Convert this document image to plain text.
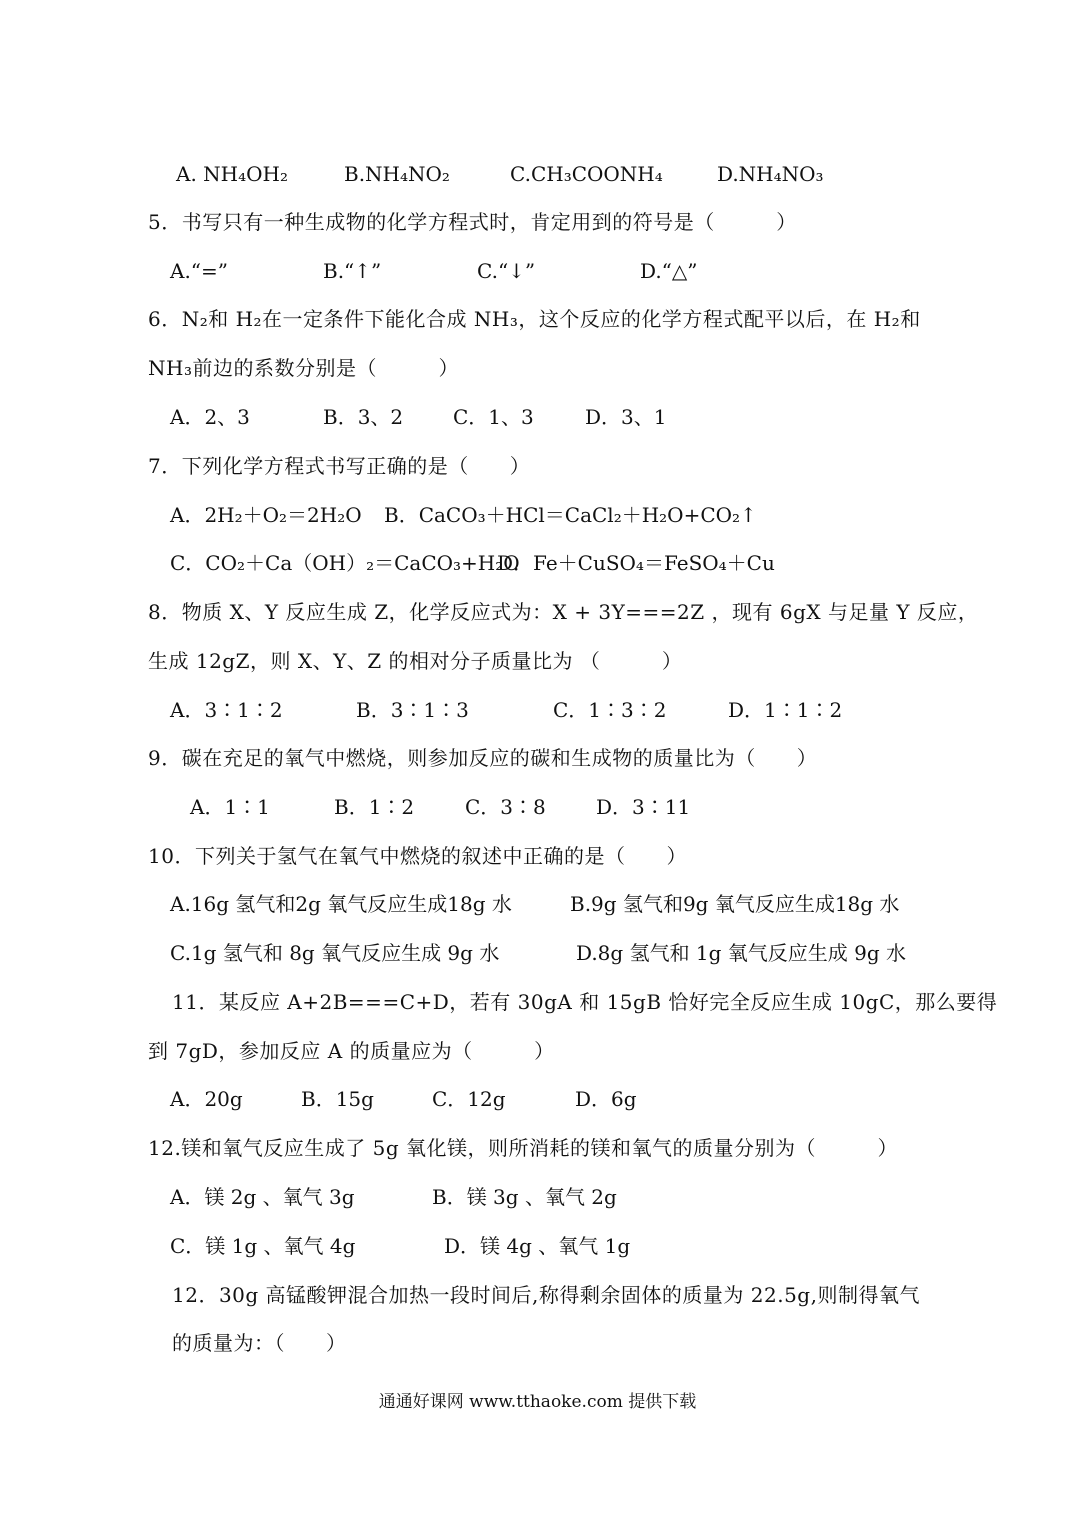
A. NH₄OH₂	B.NH₄NO₂	C.CH₃COONH₄	D.NH₄NO₃
5．书写只有一种生成物的化学方程式时，肯定用到的符号是（　　　）
A.“=”	B.“↑”	C.“↓”	D.“△”
6．N₂和 H₂在一定条件下能化合成 NH₃，这个反应的化学方程式配平以后，在 H₂和
NH₃前边的系数分别是（　　　）
A．2、3	B．3、2 C．1、3	D．3、1
7．下列化学方程式书写正确的是（　　）
A．2H₂＋O₂＝2H₂O B．CaCO₃＋HCl＝CaCl₂＋H₂O+CO₂↑
C．CO₂＋Ca（OH）₂＝CaCO₃+H₂O
D．Fe＋CuSO₄＝FeSO₄＋Cu
8．物质 X、Y 反应生成 Z，化学反应式为：X + 3Y===2Z ，现有 6gX 与足量 Y 反应，
生成 12gZ，则 X、Y、Z 的相对分子质量比为 （　　　）
A．3∶1∶2	B．3∶1∶3	C．1∶3∶2	D．1∶1∶2
9．碳在充足的氧气中燃烧，则参加反应的碳和生成物的质量比为（　　）
A．1∶1	B．1∶2	C．3∶8	D．3∶11
10．下列关于氢气在氧气中燃烧的叙述中正确的是（　　）
A.16g 氢气和2g 氧气反应生成18g 水	B.9g 氢气和9g 氧气反应生成18g 水
C.1g 氢气和 8g 氧气反应生成 9g 水	D.8g 氢气和 1g 氧气反应生成 9g 水
11．某反应 A+2B===C+D，若有 30gA 和 15gB 恰好完全反应生成 10gC，那么要得
到 7gD，参加反应 A 的质量应为（　　　）
A．20g	B．15g	C．12g	D．6g
12.镁和氧气反应生成了 5g 氧化镁，则所消耗的镁和氧气的质量分别为（　　　）
A．镁 2g 、氧气 3g	B．镁 3g 、氧气 2g
C．镁 1g 、氧气 4g	D．镁 4g 、氧气 1g
12．30g 高锰酸钾混合加热一段时间后,称得剩余固体的质量为 22.5g,则制得氧气
的质量为：（　　）
通通好课网 www.tthaoke.com 提供下载
